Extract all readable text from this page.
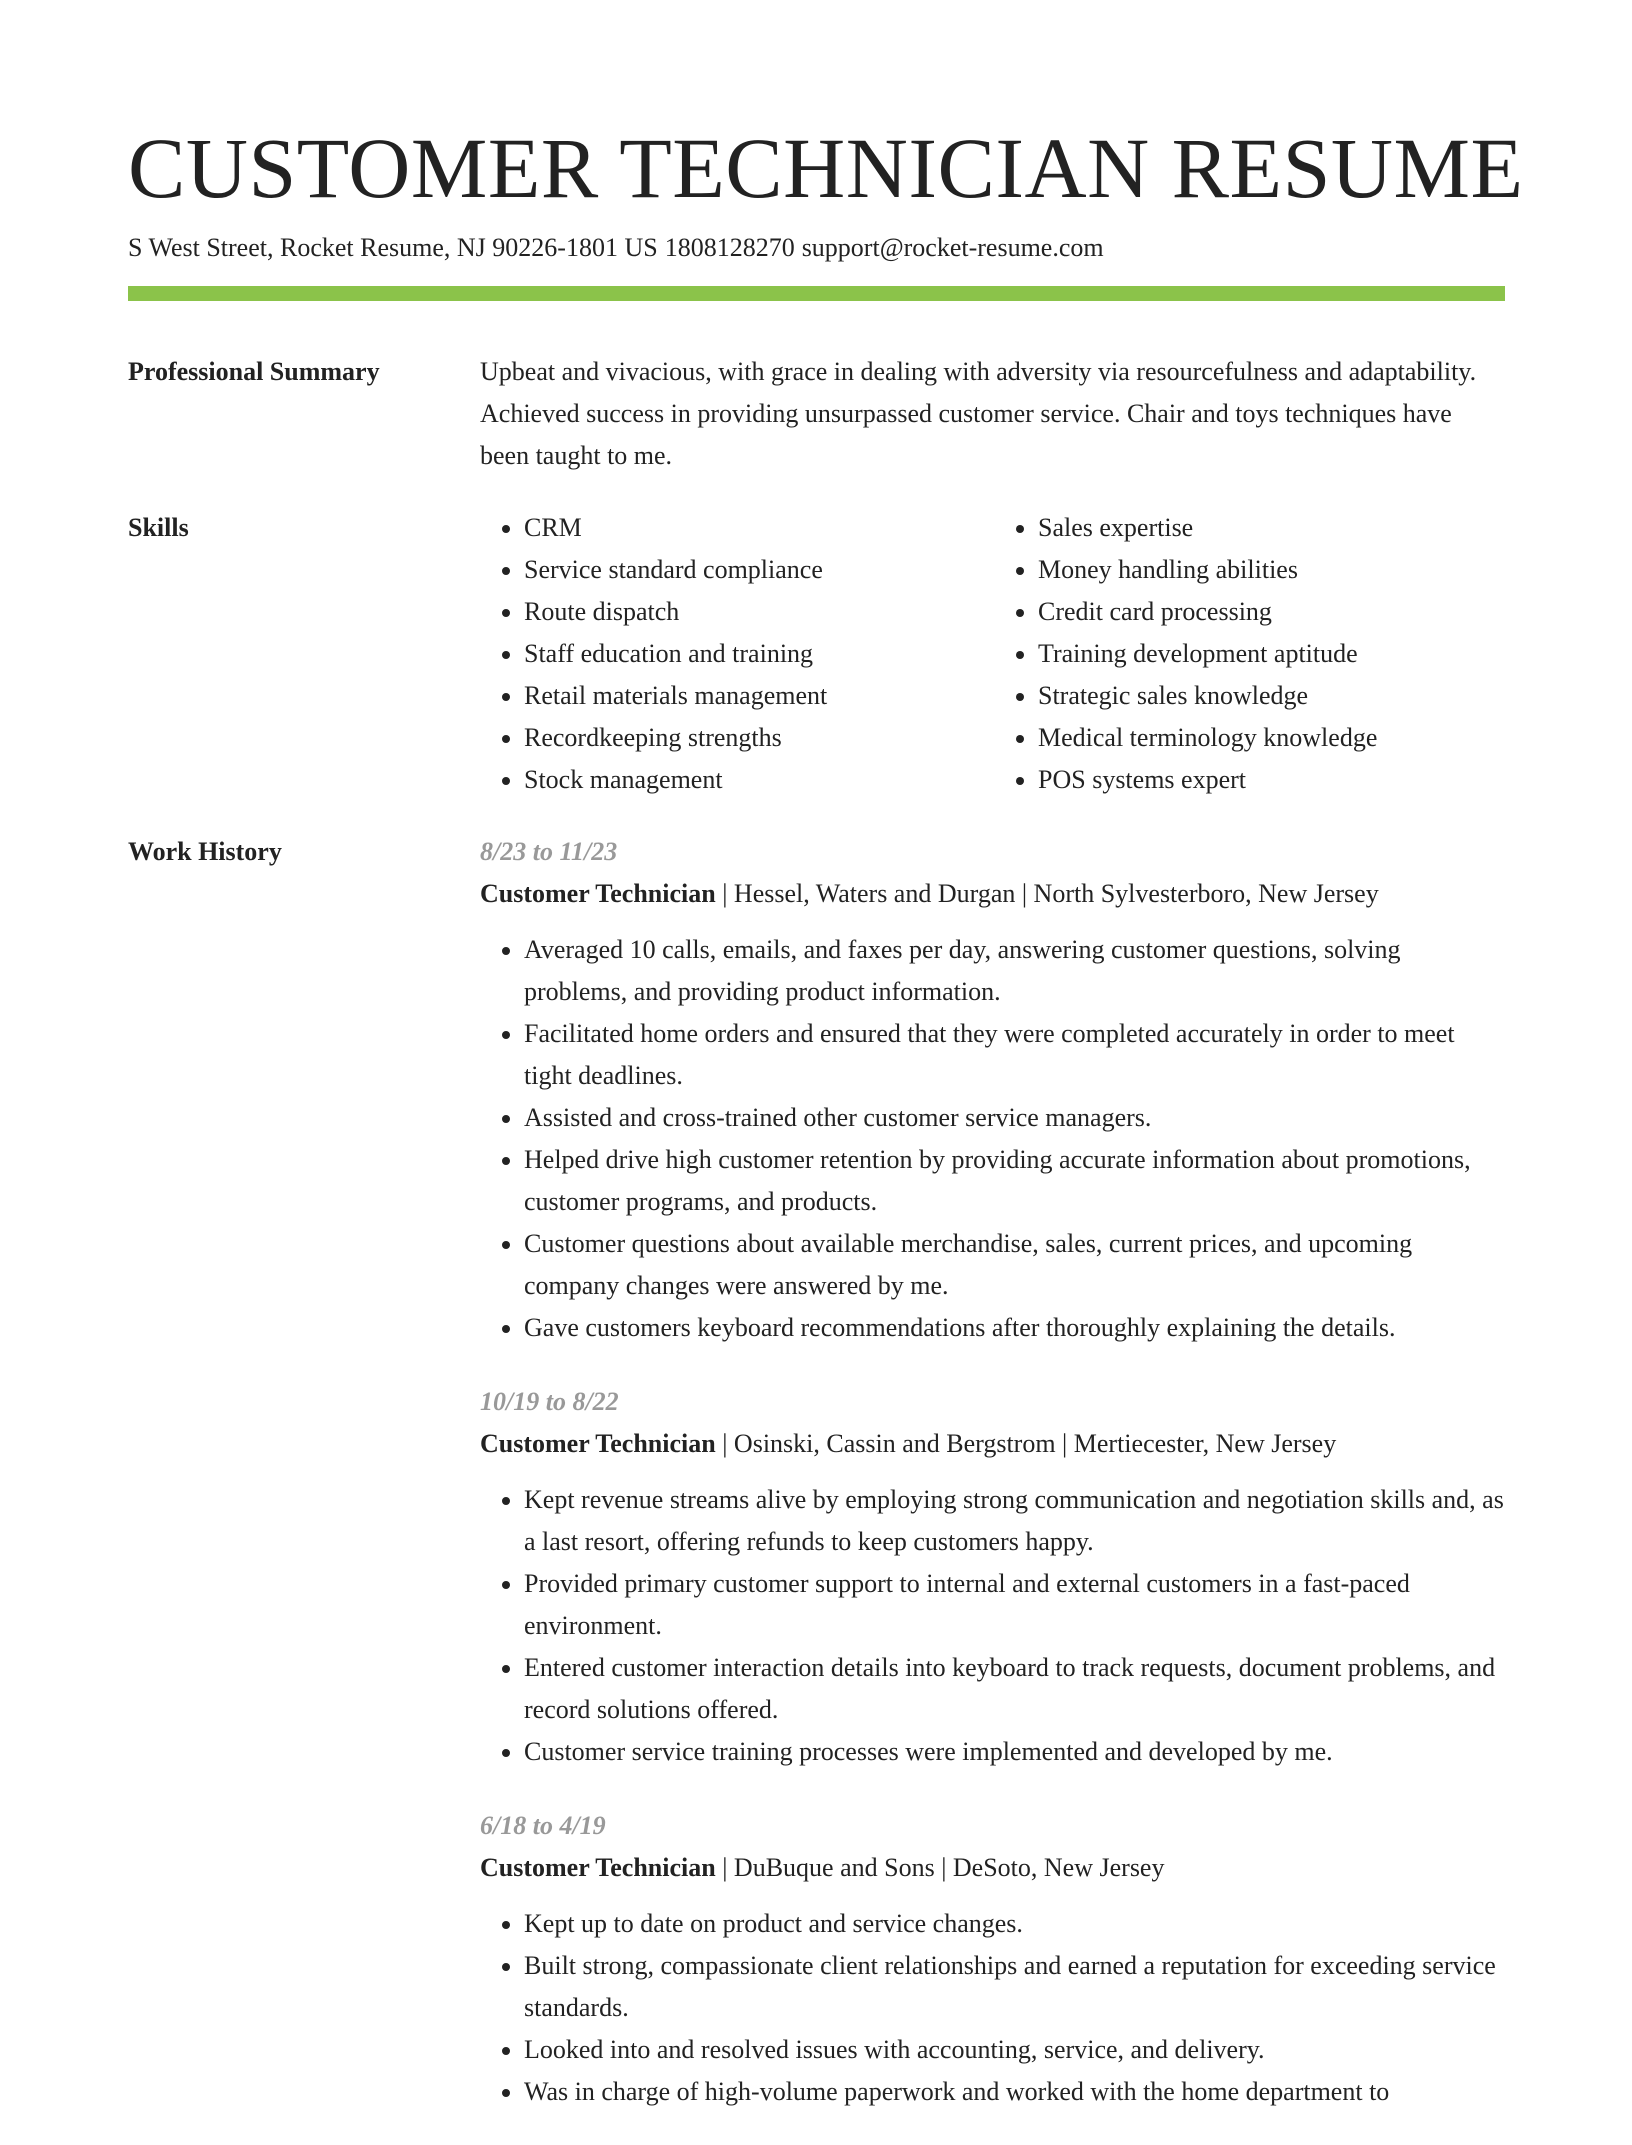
CUSTOMER TECHNICIAN RESUME
S West Street, Rocket Resume, NJ 90226-1801 US 1808128270 support@rocket-resume.com
Professional Summary	Upbeat and vivacious, with grace in dealing with adversity via resourcefulness and adaptability. Achieved success in providing unsurpassed customer service. Chair and toys techniques have been taught to me.

Skills
•	CRM
• Service standard compliance
• Route dispatch
• Staff education and training
• Retail materials management
• Recordkeeping strengths
• Stock management
• Sales expertise
• Money handling abilities
• Credit card processing
• Training development aptitude
• Strategic sales knowledge
• Medical terminology knowledge
• POS systems expert
Work History	8/23 to 11/23
Customer Technician | Hessel, Waters and Durgan | North Sylvesterboro, New Jersey
• Averaged 10 calls, emails, and faxes per day, answering customer questions, solving problems, and providing product information.
• Facilitated home orders and ensured that they were completed accurately in order to meet tight deadlines.
• Assisted and cross-trained other customer service managers.
• Helped drive high customer retention by providing accurate information about promotions, customer programs, and products.
• Customer questions about available merchandise, sales, current prices, and upcoming company changes were answered by me.
• Gave customers keyboard recommendations after thoroughly explaining the details.
10/19 to 8/22
Customer Technician | Osinski, Cassin and Bergstrom | Mertiecester, New Jersey
• Kept revenue streams alive by employing strong communication and negotiation skills and, as a last resort, offering refunds to keep customers happy.
• Provided primary customer support to internal and external customers in a fast-paced environment.
• Entered customer interaction details into keyboard to track requests, document problems, and record solutions offered.
• Customer service training processes were implemented and developed by me.
6/18 to 4/19
Customer Technician | DuBuque and Sons | DeSoto, New Jersey
• Kept up to date on product and service changes.
• Built strong, compassionate client relationships and earned a reputation for exceeding service standards.
• Looked into and resolved issues with accounting, service, and delivery.
• Was in charge of high-volume paperwork and worked with the home department to
